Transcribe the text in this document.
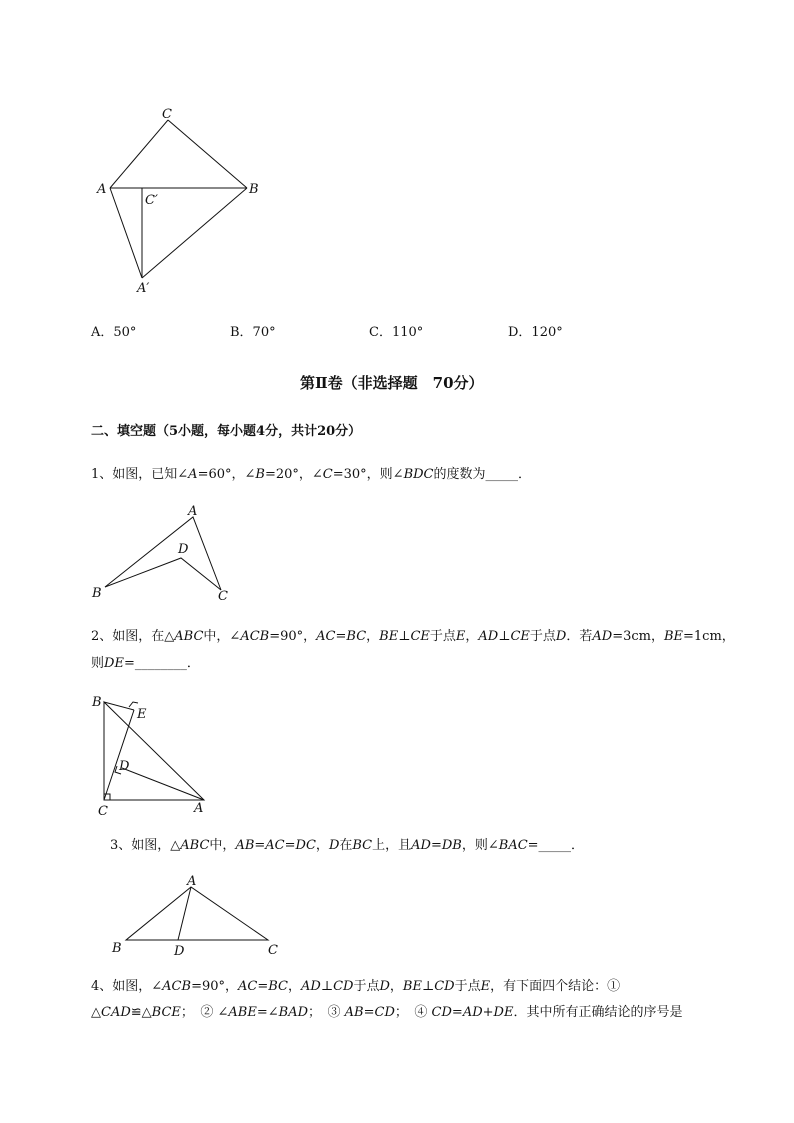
C
A	B
C′
A′
A．50°	B．70°	C．110°	D．120°
第Ⅱ卷（非选择题　70分）
二、填空题（5小题，每小题4分，共计20分）
1、如图，已知∠A=60°，∠B=20°，∠C=30°，则∠BDC的度数为_____．
A
D
B	C
2、如图，在△ABC中，∠ACB=90°，AC=BC，BE⊥CE于点E，AD⊥CE于点D．若AD=3cm，BE=1cm，
则DE=________．
B
E
D
C	A
3、如图，△ABC中，AB=AC=DC，D在BC上，且AD=DB，则∠BAC=_____．
A
B	D	C
4、如图，∠ACB=90°，AC=BC，AD⊥CD于点D，BE⊥CD于点E，有下面四个结论：①
△CAD≌△BCE；　② ∠ABE=∠BAD；　③ AB=CD；　④ CD=AD+DE．其中所有正确结论的序号是
